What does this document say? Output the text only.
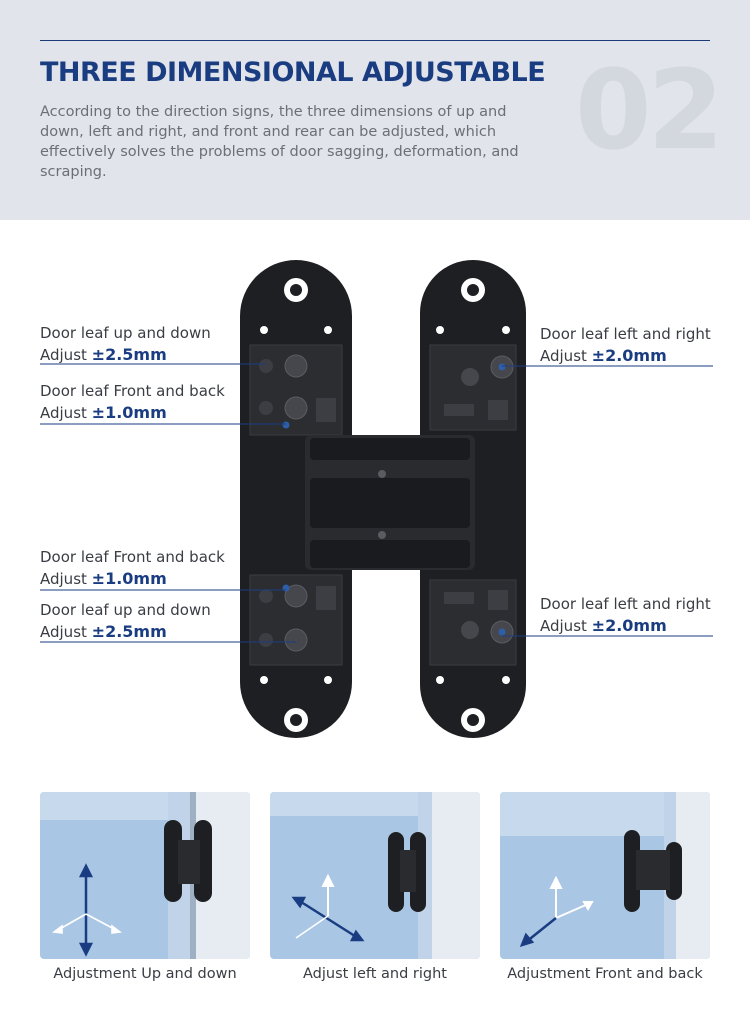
THREE DIMENSIONAL ADJUSTABLE
According to the direction signs, the three dimensions of up and down, left and right, and front and rear can be adjusted, which effectively solves the problems of door sagging, deformation, and scraping.	02
Door leaf up and down
Adjust ±2.5mm
Door leaf Front and back
Adjust ±1.0mm
Door leaf Front and back
Adjust ±1.0mm
Door leaf up and down
Adjust ±2.5mm
Door leaf left and right
Adjust ±2.0mm
Door leaf left and right
Adjust ±2.0mm
Adjustment Up and down	Adjust left and right	Adjustment Front and back
